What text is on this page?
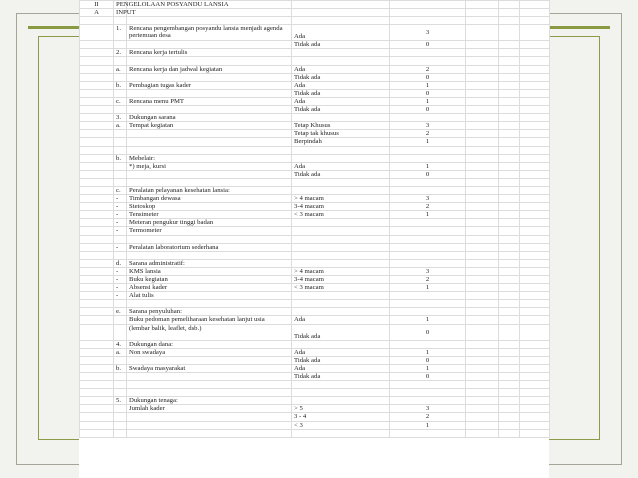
II	PENGELOLAAN POSYANDU LANSIA						
A	INPUT						

	1.	Rencana pengembangan posyandu lansia menjadi agenda pertemuan desa	Ada	3			
			Tidak ada	0			
	2.	Rencana kerja tertulis					

	a.	Rencana kerja dan jadwal kegiatan	Ada	2			
			Tidak ada	0			
	b.	Pembagian tugas kader	Ada	1			
			Tidak ada	0			
	c.	Rencana menu PMT	Ada	1			
			Tidak ada	0			
	3.	Dukungan sarana					
	a.	Tempat kegiatan	Tetap Khusus	3			
			Tetap tak khusus	2			
			Berpindah	1			

	b.	Mebelair:					
		*) meja, kursi	Ada	1			
			Tidak ada	0			

	c.	Peralatan pelayanan kesehatan lansia:					
	-	Timbangan dewasa	> 4 macam	3			
	-	Stetoskop	3-4 macam	2			
	-	Tensimeter	< 3 macam	1			
	-	Meteran pengukur tinggi badan					
	-	Termometer					

	-	Peralatan laboratorium sederhana					

	d.	Sarana administratif:					
	-	KMS lansia	> 4 macam	3			
	-	Buku kegiatan	3-4 macam	2			
	-	Absensi kader	< 3 macam	1			
	-	Alat tulis					

	e.	Sarana penyuluhan:					
		Buku pedoman pemeliharaan kesehatan lanjut usia	Ada	1			
		(lembar balik, leaflet, dsb.)	Tidak ada	0			
	4.	Dukungan dana:					
	a.	Non swadaya	Ada	1			
			Tidak ada	0			
	b.	Swadaya masyarakat	Ada	1			
			Tidak ada	0			

	5.	Dukungan tenaga:					
		Jumlah kader	> 5	3			
			3 - 4	2			
			< 3	1			
